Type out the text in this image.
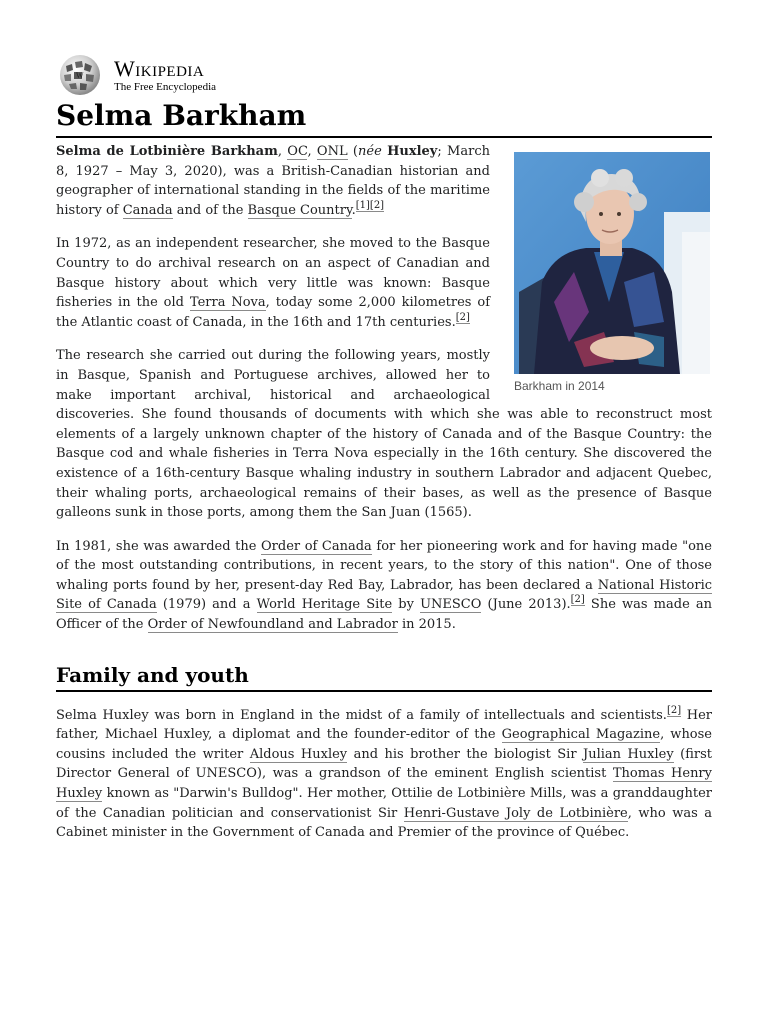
W Wikipedia
The Free Encyclopedia
Selma Barkham
Barkham in 2014

Selma de Lotbinière Barkham, OC, ONL (née Huxley; March 8, 1927 – May 3, 2020), was a British-Canadian historian and geographer of international standing in the fields of the maritime history of Canada and of the Basque Country.[1][2]

In 1972, as an independent researcher, she moved to the Basque Country to do archival research on an aspect of Canadian and Basque history about which very little was known: Basque fisheries in the old Terra Nova, today some 2,000 kilometres of the Atlantic coast of Canada, in the 16th and 17th centuries.[2]

The research she carried out during the following years, mostly in Basque, Spanish and Portuguese archives, allowed her to make important archival, historical and archaeological discoveries. She found thousands of documents with which she was able to reconstruct most elements of a largely unknown chapter of the history of Canada and of the Basque Country: the Basque cod and whale fisheries in Terra Nova especially in the 16th century. She discovered the existence of a 16th-century Basque whaling industry in southern Labrador and adjacent Quebec, their whaling ports, archaeological remains of their bases, as well as the presence of Basque galleons sunk in those ports, among them the San Juan (1565).

In 1981, she was awarded the Order of Canada for her pioneering work and for having made "one of the most outstanding contributions, in recent years, to the story of this nation". One of those whaling ports found by her, present-day Red Bay, Labrador, has been declared a National Historic Site of Canada (1979) and a World Heritage Site by UNESCO (June 2013).[2] She was made an Officer of the Order of Newfoundland and Labrador in 2015.

Family and youth

Selma Huxley was born in England in the midst of a family of intellectuals and scientists.[2] Her father, Michael Huxley, a diplomat and the founder-editor of the Geographical Magazine, whose cousins included the writer Aldous Huxley and his brother the biologist Sir Julian Huxley (first Director General of UNESCO), was a grandson of the eminent English scientist Thomas Henry Huxley known as "Darwin's Bulldog". Her mother, Ottilie de Lotbinière Mills, was a granddaughter of the Canadian politician and conservationist Sir Henri-Gustave Joly de Lotbinière, who was a Cabinet minister in the Government of Canada and Premier of the province of Québec.
